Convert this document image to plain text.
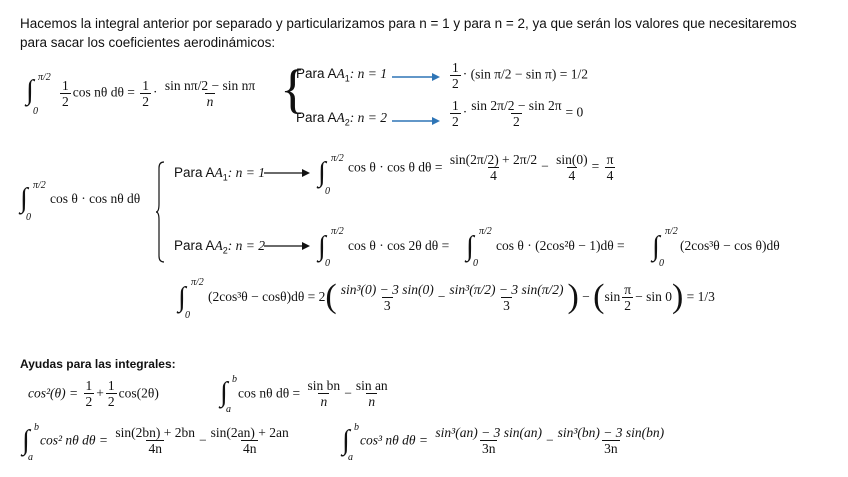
Hacemos la integral anterior por separado y particularizamos para n = 1 y para n = 2, ya que serán los valores que necesitaremos
para sacar los coeficientes aerodinámicos:
∫ π/2
0
$\frac{1}{2}$ cos nθ $d\theta = \frac{1}{2} \cdot \frac{\text{sin nπ/2 − sin nπ}}{n}$ {
Para $AA_1$: n = 1	$\frac{1}{2} \cdot (\sin$ π/2 − sin π) = 1/2
Para $AA_2$: n = 2	$\frac{1}{2} \cdot \frac{\sin 2\pi/2 - \sin 2\pi}{2} = 0$
∫ π/2
0
cos θ · cos nθ dθ
Para $AA_1$: n = 1 ∫ π/2
0
cos θ · cos θ $d\theta = \frac{\sin(2\pi/2) + 2\pi/2}{4} - \frac{\sin(0)}{4} = \frac{\pi}{4}$
Para $AA_2$: n = 2 ∫ π/2
0
cos θ · cos 2θ dθ = ∫ π/2
0
cos θ · (2cos²θ − 1)dθ = ∫ π/2
0
(2cos³θ − cos θ)dθ
∫ π/2
0
$(2\cos^3\theta - \cos\theta)d\theta = 2( \frac{\text{sin³(0) − 3 sin(0)}}{3} - \frac{\text{sin³(π/2) − 3 sin(π/2)}}{3}$ ) − $(\sin \frac{\pi}{2} - \sin 0) = 1/3$
Ayudas para las integrales:
$\cos^2(\theta) = \frac{1}{2} + \frac{1}{2} \cos(2\theta)$ ∫ b
a
cos nθ $d\theta = \frac{\text{sin bn}}{n} - \frac{\text{sin an}}{n}$
∫ b
a
cos² nθ $d\theta = \frac{\sin(2bn) + 2bn}{4n} - \frac{\sin(2an) + 2an}{4n}$ ∫ b
a
cos³ nθ $d\theta = \frac{\text{sin³(an) − 3 sin(an)}}{3n} - \frac{\text{sin³(bn) − 3 sin(bn)}}{3n}$
